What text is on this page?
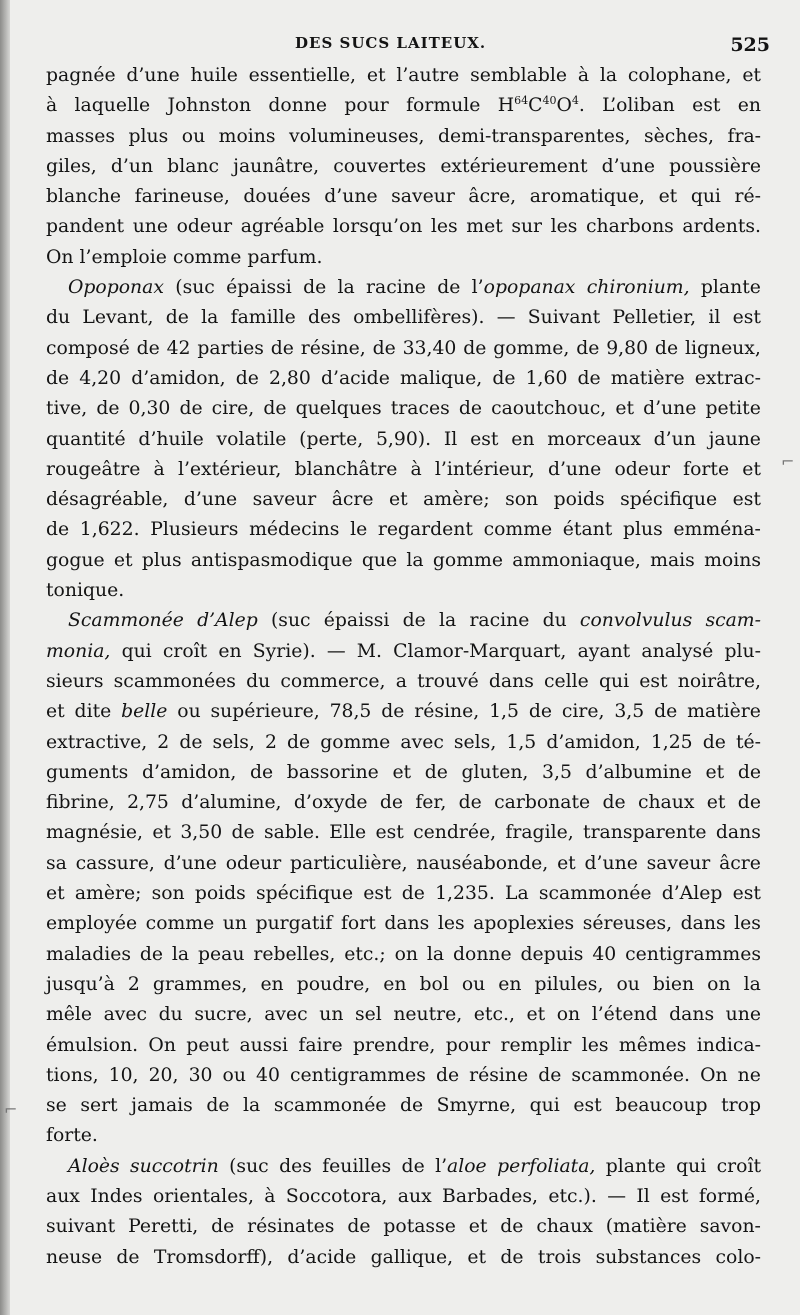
DES SUCS LAITEUX.	525
pagnée d’une huile essentielle, et l’autre semblable à la colophane, et
à laquelle Johnston donne pour formule $H^{64}C^{40}O^4$. L’oliban est en
masses plus ou moins volumineuses, demi-transparentes, sèches, fra-
giles, d’un blanc jaunâtre, couvertes extérieurement d’une poussière
blanche farineuse, douées d’une saveur âcre, aromatique, et qui ré-
pandent une odeur agréable lorsqu’on les met sur les charbons ardents.
On l’emploie comme parfum.
Opoponax (suc épaissi de la racine de l’opopanax chironium, plante
du Levant, de la famille des ombellifères). — Suivant Pelletier, il est
composé de 42 parties de résine, de 33,40 de gomme, de 9,80 de ligneux,
de 4,20 d’amidon, de 2,80 d’acide malique, de 1,60 de matière extrac-
tive, de 0,30 de cire, de quelques traces de caoutchouc, et d’une petite
quantité d’huile volatile (perte, 5,90). Il est en morceaux d’un jaune
rougeâtre à l’extérieur, blanchâtre à l’intérieur, d’une odeur forte et
désagréable, d’une saveur âcre et amère; son poids spécifique est
de 1,622. Plusieurs médecins le regardent comme étant plus emména-
gogue et plus antispasmodique que la gomme ammoniaque, mais moins
tonique.
Scammonée d’Alep (suc épaissi de la racine du convolvulus scam-
monia, qui croît en Syrie). — M. Clamor-Marquart, ayant analysé plu-
sieurs scammonées du commerce, a trouvé dans celle qui est noirâtre,
et dite belle ou supérieure, 78,5 de résine, 1,5 de cire, 3,5 de matière
extractive, 2 de sels, 2 de gomme avec sels, 1,5 d’amidon, 1,25 de té-
guments d’amidon, de bassorine et de gluten, 3,5 d’albumine et de
fibrine, 2,75 d’alumine, d’oxyde de fer, de carbonate de chaux et de
magnésie, et 3,50 de sable. Elle est cendrée, fragile, transparente dans
sa cassure, d’une odeur particulière, nauséabonde, et d’une saveur âcre
et amère; son poids spécifique est de 1,235. La scammonée d’Alep est
employée comme un purgatif fort dans les apoplexies séreuses, dans les
maladies de la peau rebelles, etc.; on la donne depuis 40 centigrammes
jusqu’à 2 grammes, en poudre, en bol ou en pilules, ou bien on la
mêle avec du sucre, avec un sel neutre, etc., et on l’étend dans une
émulsion. On peut aussi faire prendre, pour remplir les mêmes indica-
tions, 10, 20, 30 ou 40 centigrammes de résine de scammonée. On ne
se sert jamais de la scammonée de Smyrne, qui est beaucoup trop
forte.
Aloès succotrin (suc des feuilles de l’aloe perfoliata, plante qui croît
aux Indes orientales, à Soccotora, aux Barbades, etc.). — Il est formé,
suivant Peretti, de résinates de potasse et de chaux (matière savon-
neuse de Tromsdorff), d’acide gallique, et de trois substances colo-
⌐
⌐
